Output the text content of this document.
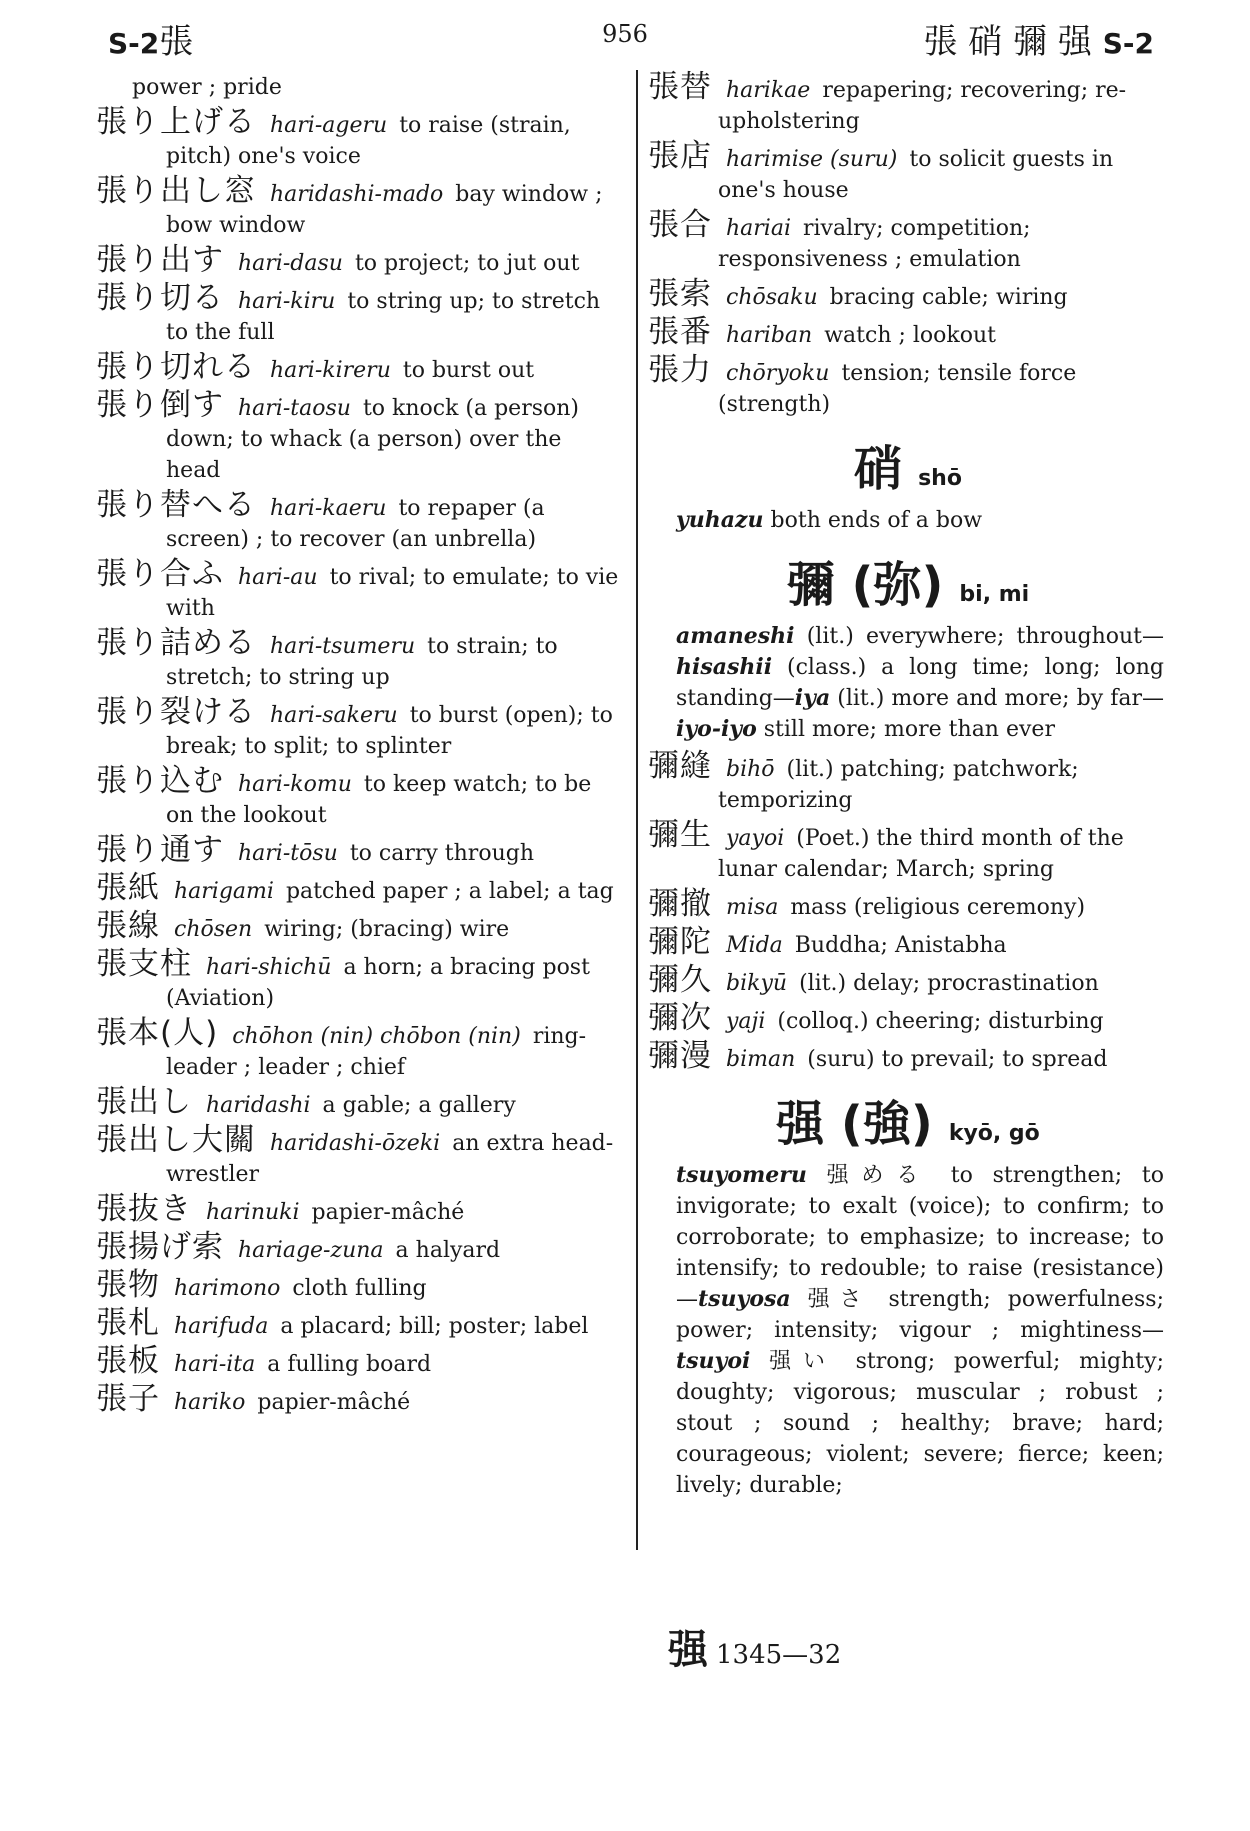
S-2張	956	張 硝 彌 强 S-2
power ; pride
張り上げる hari-ageru to raise (strain, pitch) one's voice
張り出し窓 haridashi-mado bay window ; bow window
張り出す hari-dasu to project; to jut out
張り切る hari-kiru to string up; to stretch to the full
張り切れる hari-kireru to burst out
張り倒す hari-taosu to knock (a person) down; to whack (a person) over the head
張り替へる hari-kaeru to repaper (a screen) ; to recover (an unbrella)
張り合ふ hari-au to rival; to emulate; to vie with
張り詰める hari-tsumeru to strain; to stretch; to string up
張り裂ける hari-sakeru to burst (open); to break; to split; to splinter
張り込む hari-komu to keep watch; to be on the lookout
張り通す hari-tōsu to carry through
張紙 harigami patched paper ; a label; a tag
張線 chōsen wiring; (bracing) wire
張支柱 hari-shichū a horn; a bracing post (Aviation)
張本(人) chōhon (nin) chōbon (nin) ring-leader ; leader ; chief
張出し haridashi a gable; a gallery
張出し大關 haridashi-ōzeki an extra head-wrestler
張抜き harinuki papier-mâché
張揚げ索 hariage-zuna a halyard
張物 harimono cloth fulling
張札 harifuda a placard; bill; poster; label
張板 hari-ita a fulling board
張子 hariko papier-mâché
張替 harikae repapering; recovering; re-upholstering
張店 harimise (suru) to solicit guests in one's house
張合 hariai rivalry; competition; responsiveness ; emulation
張索 chōsaku bracing cable; wiring
張番 hariban watch ; lookout
張力 chōryoku tension; tensile force (strength)
硝shō
yuhazu both ends of a bow
彌 (弥) bi, mi
amaneshi (lit.) everywhere; throughout—hisashii (class.) a long time; long; long standing—iya (lit.) more and more; by far—iyo-iyo still more; more than ever
彌縫 bihō (lit.) patching; patchwork; temporizing
彌生 yayoi (Poet.) the third month of the lunar calendar; March; spring
彌撤 misa mass (religious ceremony)
彌陀 Mida Buddha; Anistabha
彌久 bikyū (lit.) delay; procrastination
彌次 yaji (colloq.) cheering; disturbing
彌漫 biman (suru) to prevail; to spread
强 (強) kyō, gō
tsuyomeru 强める to strengthen; to invigorate; to exalt (voice); to confirm; to corroborate; to emphasize; to increase; to intensify; to redouble; to raise (resistance)—tsuyosa 强さ strength; powerfulness; power; intensity; vigour ; mightiness—tsuyoi 强い strong; powerful; mighty; doughty; vigorous; muscular ; robust ; stout ; sound ; healthy; brave; hard; courageous; violent; severe; fierce; keen; lively; durable;
强 1345—32
